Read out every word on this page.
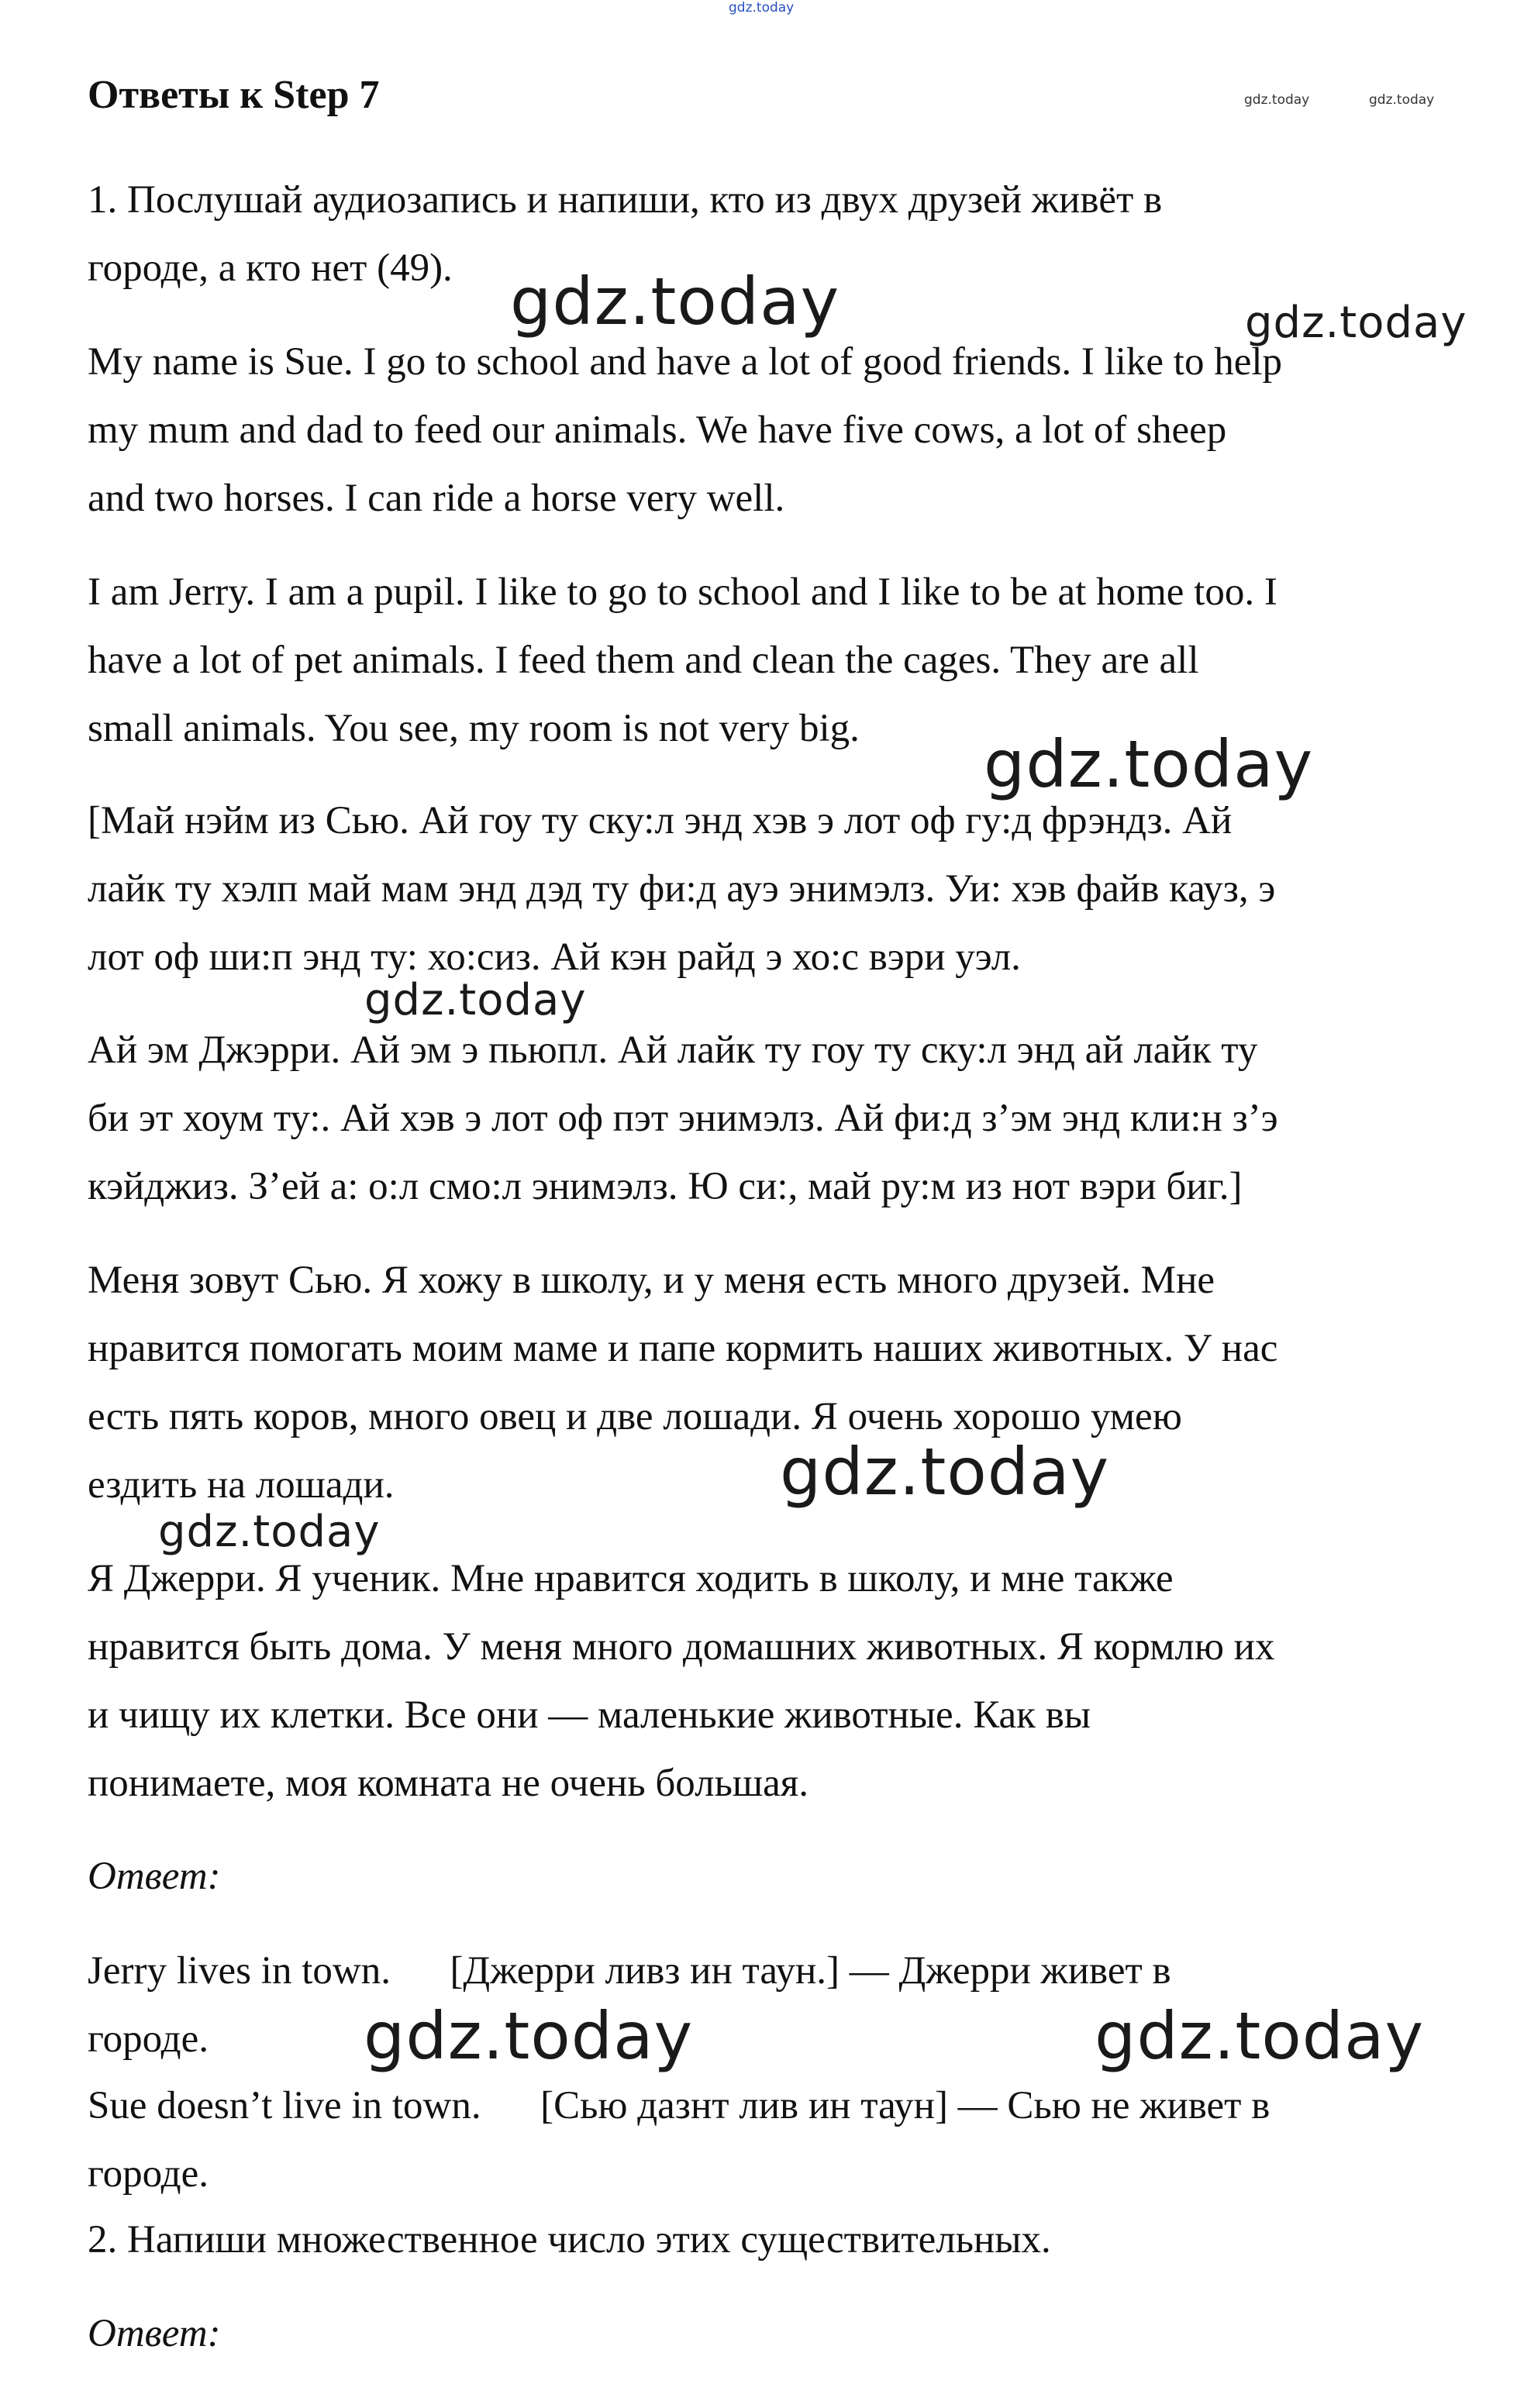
gdz.today
gdz.today	gdz.today
gdz.today	gdz.today
gdz.today
gdz.today
gdz.today
gdz.today
gdz.today	gdz.today
Ответы к Step 7
1. Послушай аудиозапись и напиши, кто из двух друзей живёт в
городе, а кто нет (49).
My name is Sue. I go to school and have a lot of good friends. I like to help
my mum and dad to feed our animals. We have five cows, a lot of sheep
and two horses. I can ride a horse very well.
I am Jerry. I am a pupil. I like to go to school and I like to be at home too. I
have a lot of pet animals. I feed them and clean the cages. They are all
small animals. You see, my room is not very big.
[Май нэйм из Сью. Ай гоу ту ску:л энд хэв э лот оф гу:д фрэндз. Ай
лайк ту хэлп май мам энд дэд ту фи:д ауэ энимэлз. Уи: хэв файв кауз, э
лот оф ши:п энд ту: хо:сиз. Ай кэн райд э хо:с вэри уэл.
Ай эм Джэрри. Ай эм э пьюпл. Ай лайк ту гоу ту ску:л энд ай лайк ту
би эт хоум ту:. Ай хэв э лот оф пэт энимэлз. Ай фи:д з’эм энд кли:н з’э
кэйджиз. З’ей а: о:л смо:л энимэлз. Ю си:, май ру:м из нот вэри биг.]
Меня зовут Сью. Я хожу в школу, и у меня есть много друзей. Мне
нравится помогать моим маме и папе кормить наших животных. У нас
есть пять коров, много овец и две лошади. Я очень хорошо умею
ездить на лошади.
Я Джерри. Я ученик. Мне нравится ходить в школу, и мне также
нравится быть дома. У меня много домашних животных. Я кормлю их
и чищу их клетки. Все они — маленькие животные. Как вы
понимаете, моя комната не очень большая.
Ответ:
Jerry lives in town.      [Джерри ливз ин таун.] — Джерри живет в
городе.
Sue doesn’t live in town.      [Сью дазнт лив ин таун] — Сью не живет в
городе.
2. Напиши множественное число этих существительных.
Ответ:
